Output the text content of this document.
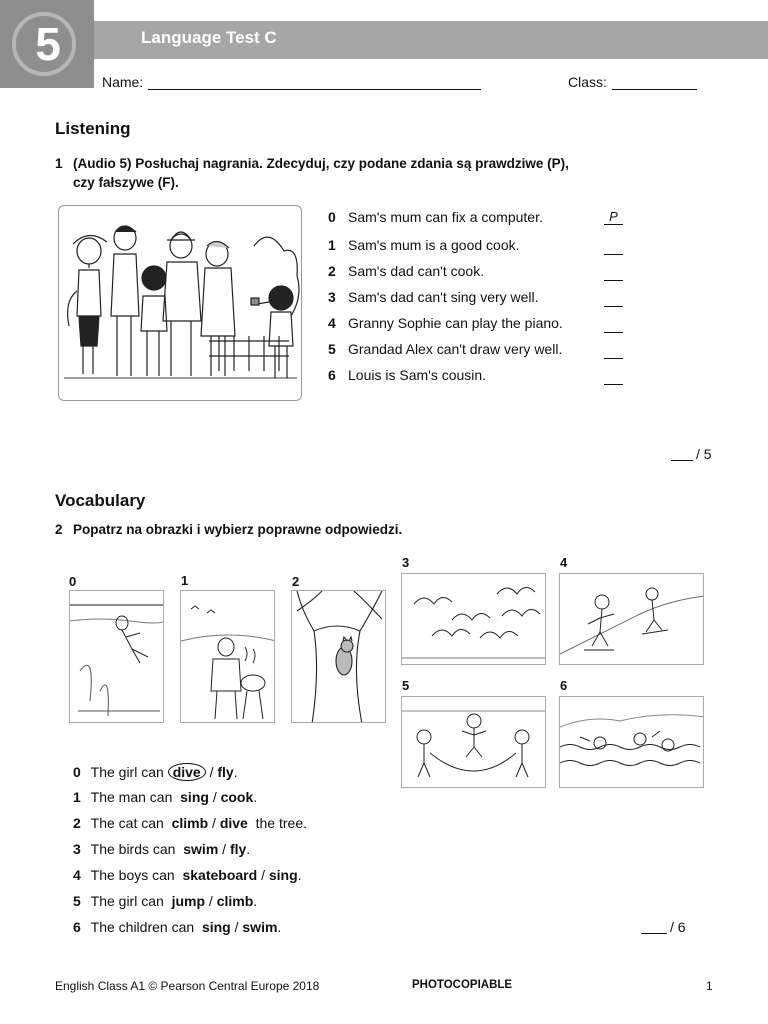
5	Language Test C
Name:	Class:
Listening
1 (Audio 5) Posłuchaj nagrania. Zdecyduj, czy podane zdania są prawdziwe (P),
czy fałszywe (F).
0 Sam's mum can fix a computer.	P
1 Sam's mum is a good cook.
2 Sam's dad can't cook.
3 Sam's dad can't sing very well.
4 Granny Sophie can play the piano.
5 Grandad Alex can't draw very well.
6 Louis is Sam's cousin.
/ 5
Vocabulary
2 Popatrz na obrazki i wybierz poprawne odpowiedzi.
0	1	2
3	4
5	6
0 The girl can dive / fly.
1 The man can sing / cook.
2 The cat can climb / dive the tree.
3 The birds can swim / fly.
4 The boys can skateboard / sing.
5 The girl can jump / climb.
6 The children can sing / swim.	/ 6
English Class A1 © Pearson Central Europe 2018	PHOTOCOPIABLE	1
